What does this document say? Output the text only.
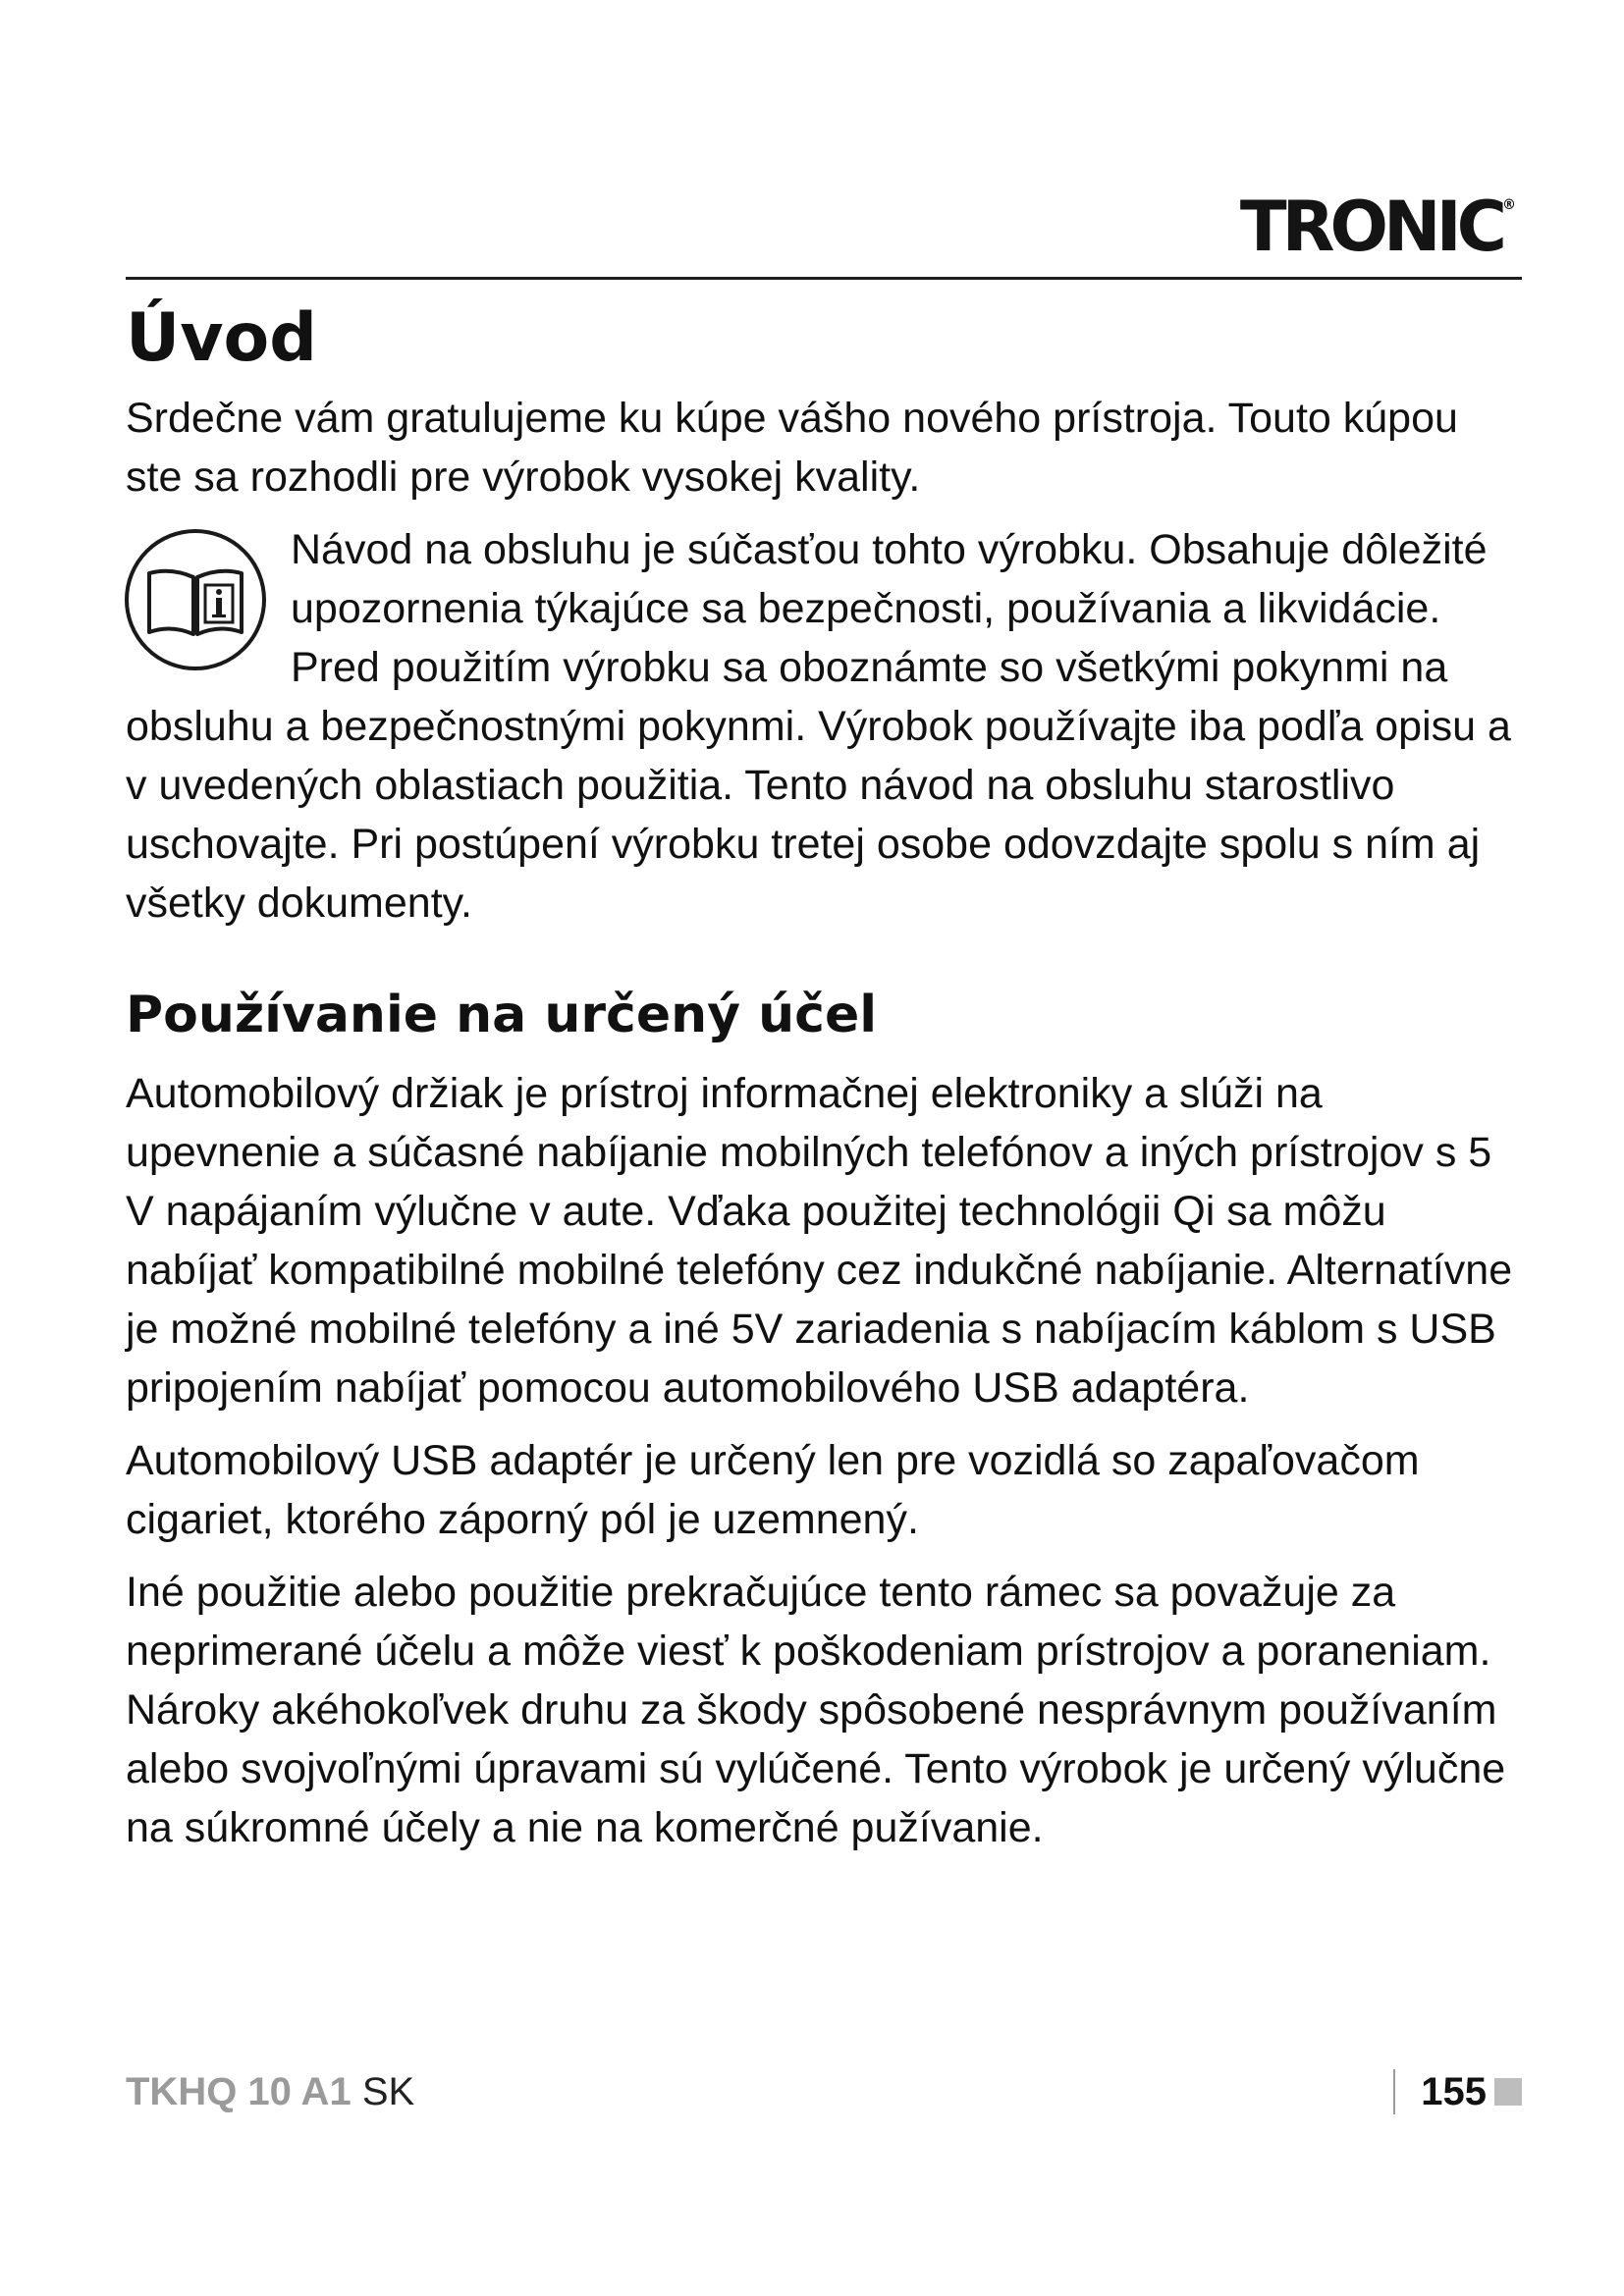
TRONIC®
Úvod

Srdečne vám gratulujeme ku kúpe vášho nového prístroja. Touto kúpou ste sa rozhodli pre výrobok vysokej kvality.

Návod na obsluhu je súčasťou tohto výrobku. Obsahuje dôležité upozornenia týkajúce sa bezpečnosti, používania a likvidácie. Pred použitím výrobku sa oboznámte so všetkými pokynmi na obsluhu a bezpečnostnými pokynmi. Výrobok používajte iba podľa opisu a v uvedených oblastiach použitia. Tento návod na obsluhu starostlivo uschovajte. Pri postúpení výrobku tretej osobe odovzdajte spolu s ním aj všetky dokumenty.

Používanie na určený účel

Automobilový držiak je prístroj informačnej elektroniky a slúži na upevnenie a súčasné nabíjanie mobilných telefónov a iných prístrojov s 5 V napájaním výlučne v aute. Vďaka použitej technológii Qi sa môžu nabíjať kompatibilné mobilné telefóny cez indukčné nabíjanie. Alternatívne je možné mobilné telefóny a iné 5V zariadenia s nabíjacím káblom s USB pripojením nabíjať pomocou automobilového USB adaptéra.

Automobilový USB adaptér je určený len pre vozidlá so zapaľovačom cigariet, ktorého záporný pól je uzemnený.

Iné použitie alebo použitie prekračujúce tento rámec sa považuje za neprimerané účelu a môže viesť k poškodeniam prístrojov a poraneniam. Nároky akéhokoľvek druhu za škody spôsobené nesprávnym používaním alebo svojvoľnými úpravami sú vylúčené. Tento výrobok je určený výlučne na súkromné účely a nie na komerčné pužívanie.

TKHQ 10 A1 SK	155
